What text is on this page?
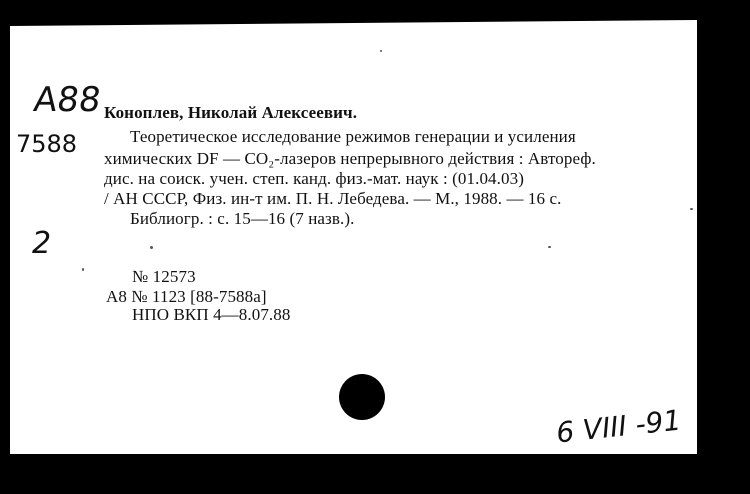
A88
7588
Коноплев, Николай Алексеевич.
Теоретическое исследование режимов генерации и усиления
химических DF — CO₂-лазеров непрерывного действия : Автореф.
дис. на соиск. учен. степ. канд. физ.-мат. наук : (01.04.03)
/ АН СССР, Физ. ин-т им. П. Н. Лебедева. — М., 1988. — 16 с.
Библиогр. : с. 15—16 (7 назв.).
2
№ 12573
A8 № 1123 [88-7588a]
НПО ВКП 4—8.07.88
6 VIII -91
